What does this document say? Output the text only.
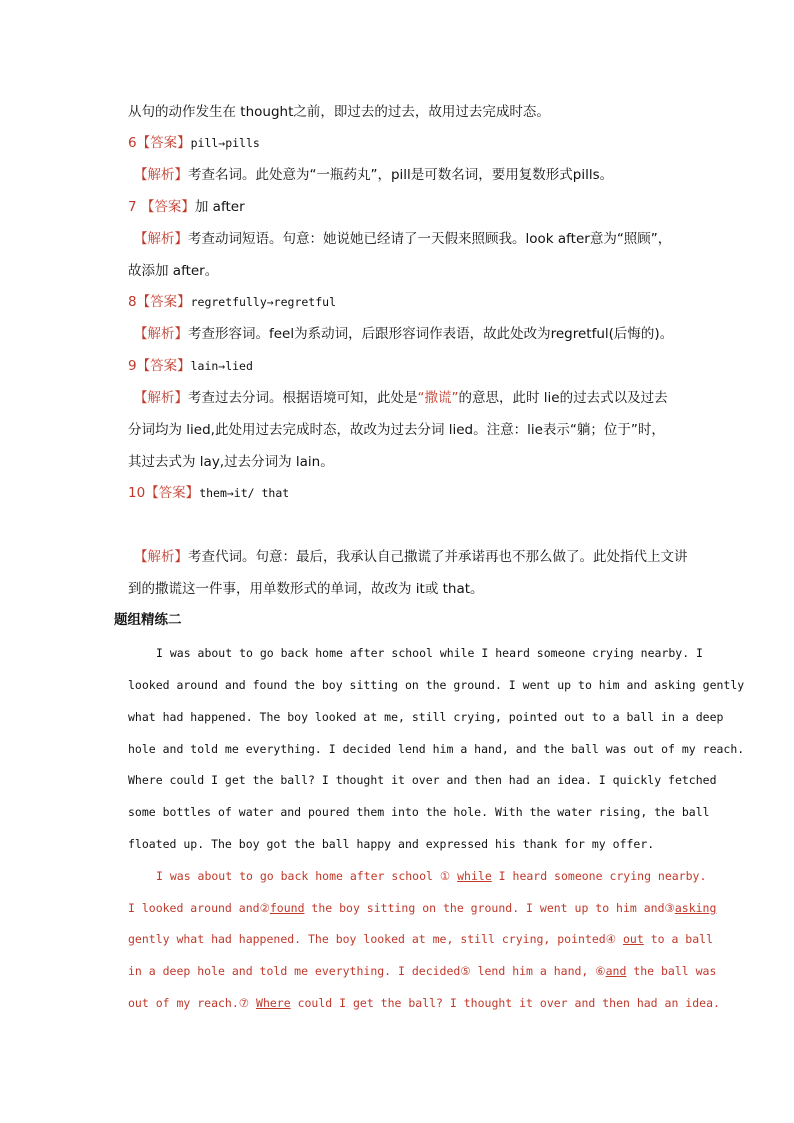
从句的动作发生在 thought之前，即过去的过去，故用过去完成时态。
6【答案】pill→pills
【解析】考查名词。此处意为“一瓶药丸”，pill是可数名词，要用复数形式pills。
7 【答案】加 after
【解析】考查动词短语。句意：她说她已经请了一天假来照顾我。look after意为“照顾”，
故添加 after。
8【答案】regretfully→regretful
【解析】考查形容词。feel为系动词，后跟形容词作表语，故此处改为regretful(后悔的)。
9【答案】lain→lied
【解析】考查过去分词。根据语境可知，此处是“撒谎”的意思，此时 lie的过去式以及过去
分词均为 lied,此处用过去完成时态，故改为过去分词 lied。注意：lie表示“躺；位于”时，
其过去式为 lay,过去分词为 lain。
10【答案】them→it/ that
【解析】考查代词。句意：最后，我承认自己撒谎了并承诺再也不那么做了。此处指代上文讲
到的撒谎这一件事，用单数形式的单词，故改为 it或 that。
题组精练二
I was about to go back home after school while I heard someone crying nearby. I
looked around and found the boy sitting on the ground. I went up to him and asking gently
what had happened. The boy looked at me, still crying, pointed out to a ball in a deep
hole and told me everything. I decided lend him a hand, and the ball was out of my reach.
Where could I get the ball? I thought it over and then had an idea. I quickly fetched
some bottles of water and poured them into the hole. With the water rising, the ball
floated up. The boy got the ball happy and expressed his thank for my offer.
I was about to go back home after school ① while I heard someone crying nearby.
I looked around and②found the boy sitting on the ground. I went up to him and③asking
gently what had happened. The boy looked at me, still crying, pointed④ out to a ball
in a deep hole and told me everything. I decided⑤ lend him a hand, ⑥and the ball was
out of my reach.⑦ Where could I get the ball? I thought it over and then had an idea.
